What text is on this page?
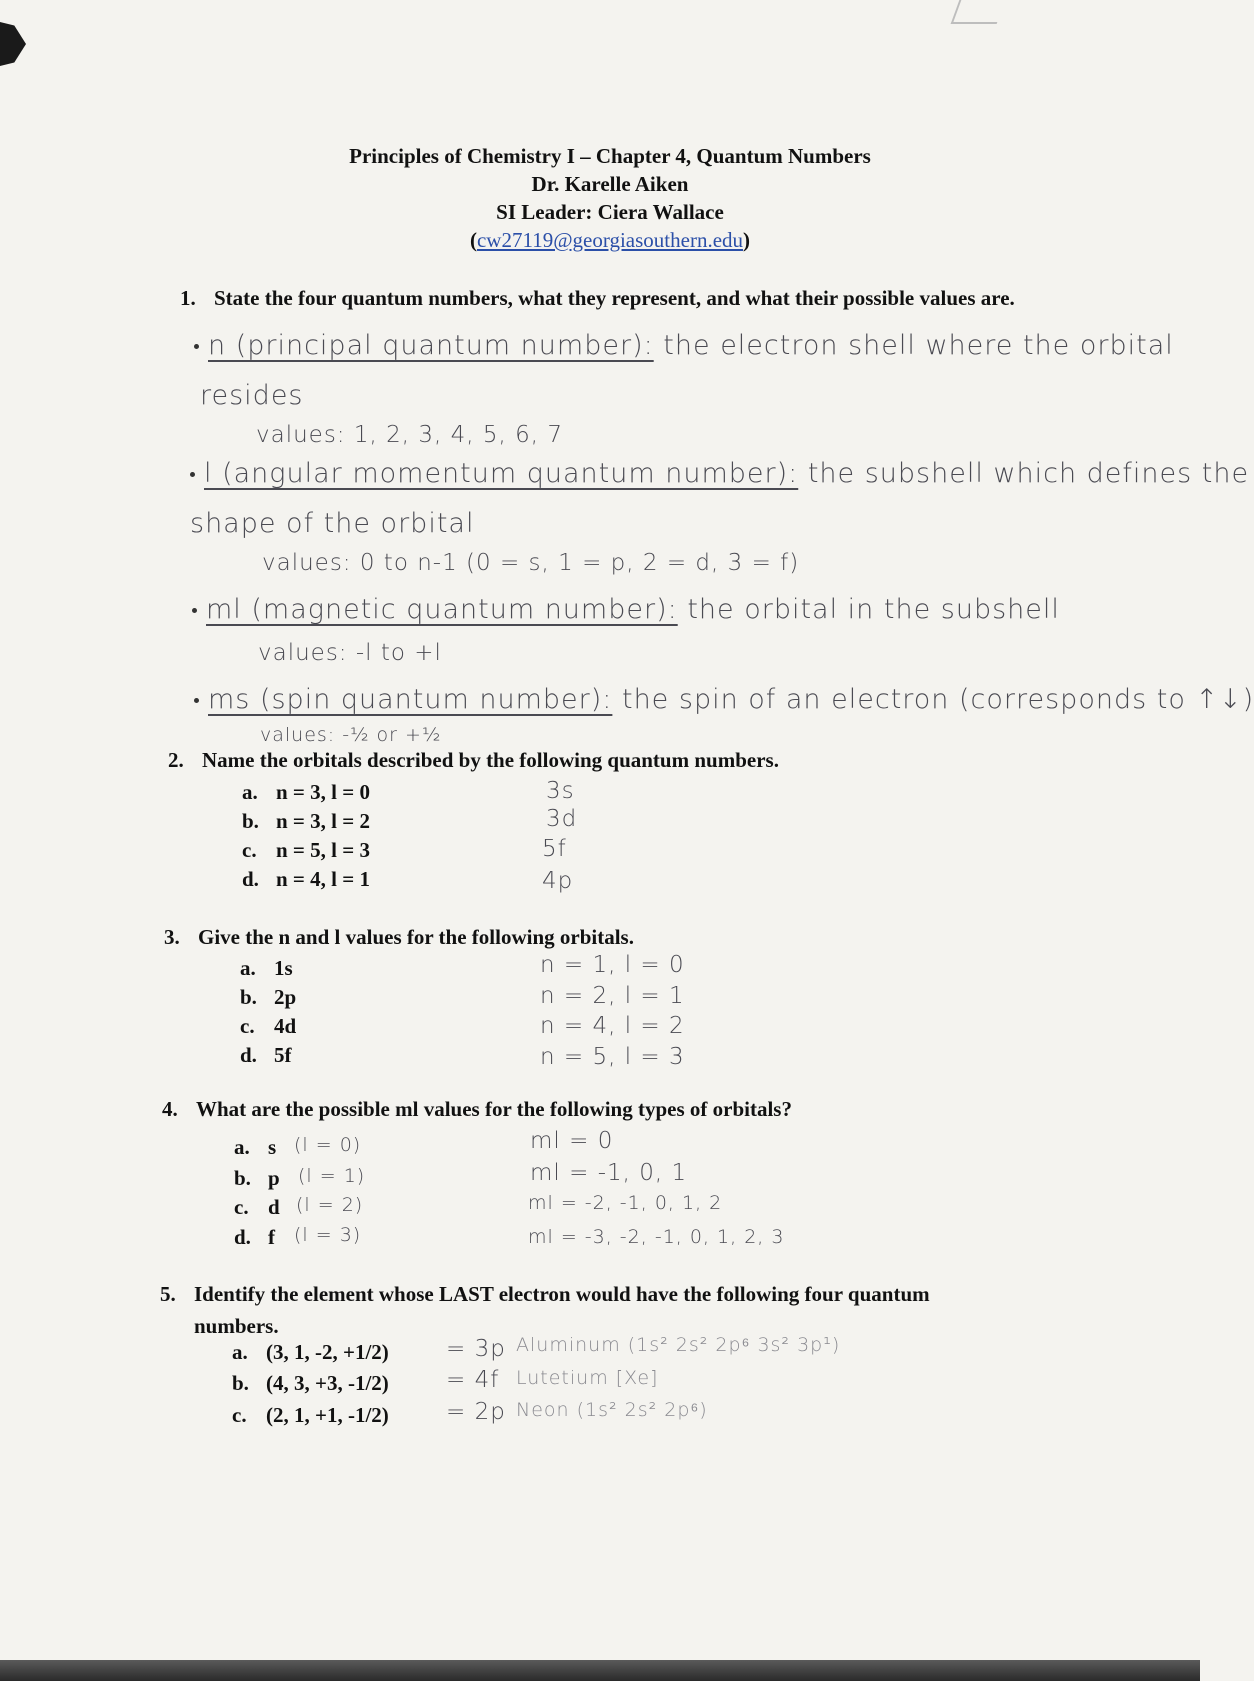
Principles of Chemistry I – Chapter 4, Quantum Numbers
Dr. Karelle Aiken
SI Leader: Ciera Wallace
(cw27119@georgiasouthern.edu)
1. State the four quantum numbers, what they represent, and what their possible values are.
n (principal quantum number): the electron shell where the orbital
resides
values: 1, 2, 3, 4, 5, 6, 7
l (angular momentum quantum number): the subshell which defines the
shape of the orbital
values: 0 to n-1 (0 = s, 1 = p, 2 = d, 3 = f)
ml (magnetic quantum number): the orbital in the subshell
values: -l to +l
ms (spin quantum number): the spin of an electron (corresponds to ↑↓)
values: -½ or +½
2. Name the orbitals described by the following quantum numbers.
a. n = 3, l = 0	3s
b. n = 3, l = 2	3d
c. n = 5, l = 3	5f
d. n = 4, l = 1	4p
3. Give the n and l values for the following orbitals.
a. 1s	n = 1, l = 0
b. 2p	n = 2, l = 1
c. 4d	n = 4, l = 2
d. 5f	n = 5, l = 3
4. What are the possible ml values for the following types of orbitals?
a. s (l = 0)	ml = 0
b. p (l = 1)	ml = -1, 0, 1
c. d (l = 2)	ml = -2, -1, 0, 1, 2
d. f (l = 3)	ml = -3, -2, -1, 0, 1, 2, 3
5. Identify the element whose LAST electron would have the following four quantum
numbers.
a. (3, 1, -2, +1/2) = 3p Aluminum (1s² 2s² 2p⁶ 3s² 3p¹)
b. (4, 3, +3, -1/2) = 4f Lutetium [Xe]
c. (2, 1, +1, -1/2) = 2p Neon (1s² 2s² 2p⁶)
